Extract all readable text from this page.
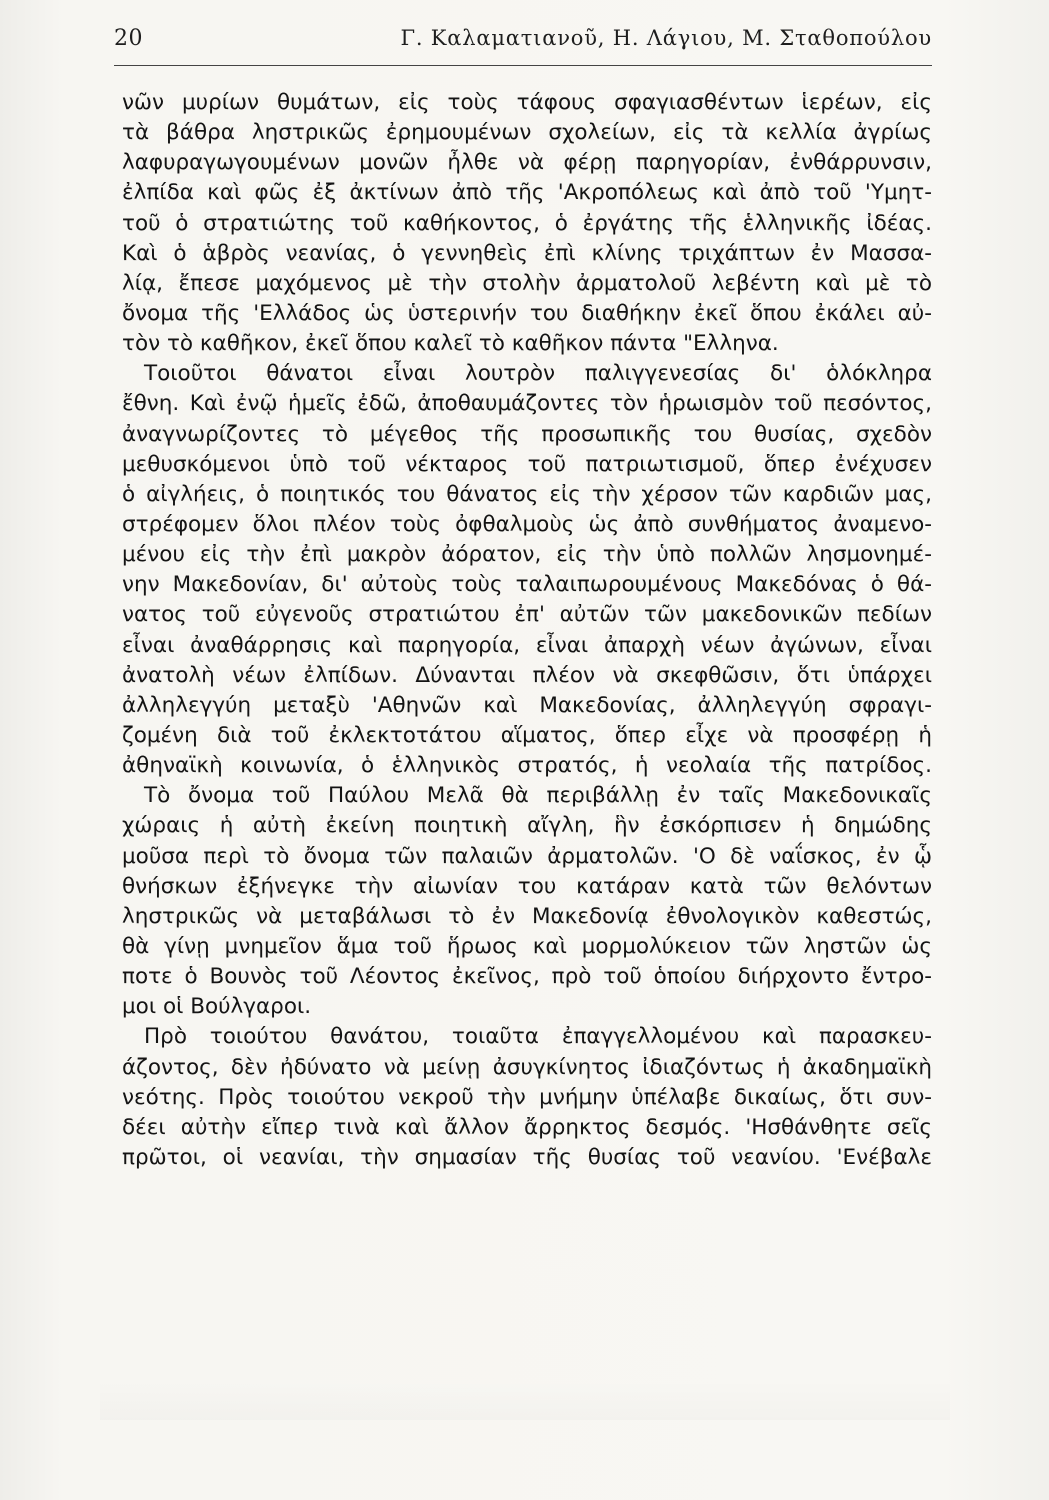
20	Γ. Καλαματιανοῦ, Η. Λάγιου, Μ. Σταθοπούλου
νῶν μυρίων θυμάτων, εἰς τοὺς τάφους σφαγιασθέντων ἱερέων, εἰς
τὰ βάθρα ληστρικῶς ἐρημουμένων σχολείων, εἰς τὰ κελλία ἀγρίως
λαφυραγωγουμένων μονῶν ἦλθε νὰ φέρῃ παρηγορίαν, ἐνθάρρυνσιν,
ἐλπίδα καὶ φῶς ἐξ ἀκτίνων ἀπὸ τῆς 'Ακροπόλεως καὶ ἀπὸ τοῦ 'Υμητ-
τοῦ ὁ στρατιώτης τοῦ καθήκοντος, ὁ ἐργάτης τῆς ἑλληνικῆς ἰδέας.
Καὶ ὁ ἁβρὸς νεανίας, ὁ γεννηθεὶς ἐπὶ κλίνης τριχάπτων ἐν Μασσα-
λίᾳ, ἔπεσε μαχόμενος μὲ τὴν στολὴν ἀρματολοῦ λεβέντη καὶ μὲ τὸ
ὄνομα τῆς 'Ελλάδος ὡς ὑστερινήν του διαθήκην ἐκεῖ ὅπου ἐκάλει αὐ-
τὸν τὸ καθῆκον, ἐκεῖ ὅπου καλεῖ τὸ καθῆκον πάντα "Ελληνα.
Τοιοῦτοι θάνατοι εἶναι λουτρὸν παλιγγενεσίας δι' ὁλόκληρα
ἔθνη. Καὶ ἐνῷ ἡμεῖς ἐδῶ, ἀποθαυμάζοντες τὸν ἡρωισμὸν τοῦ πεσόντος,
ἀναγνωρίζοντες τὸ μέγεθος τῆς προσωπικῆς του θυσίας, σχεδὸν
μεθυσκόμενοι ὑπὸ τοῦ νέκταρος τοῦ πατριωτισμοῦ, ὅπερ ἐνέχυσεν
ὁ αἰγλήεις, ὁ ποιητικός του θάνατος εἰς τὴν χέρσον τῶν καρδιῶν μας,
στρέφομεν ὅλοι πλέον τοὺς ὀφθαλμοὺς ὡς ἀπὸ συνθήματος ἀναμενο-
μένου εἰς τὴν ἐπὶ μακρὸν ἀόρατον, εἰς τὴν ὑπὸ πολλῶν λησμονημέ-
νην Μακεδονίαν, δι' αὐτοὺς τοὺς ταλαιπωρουμένους Μακεδόνας ὁ θά-
νατος τοῦ εὐγενοῦς στρατιώτου ἐπ' αὐτῶν τῶν μακεδονικῶν πεδίων
εἶναι ἀναθάρρησις καὶ παρηγορία, εἶναι ἀπαρχὴ νέων ἀγώνων, εἶναι
ἀνατολὴ νέων ἐλπίδων. Δύνανται πλέον νὰ σκεφθῶσιν, ὅτι ὑπάρχει
ἀλληλεγγύη μεταξὺ 'Αθηνῶν καὶ Μακεδονίας, ἀλληλεγγύη σφραγι-
ζομένη διὰ τοῦ ἐκλεκτοτάτου αἵματος, ὅπερ εἶχε νὰ προσφέρῃ ἡ
ἀθηναϊκὴ κοινωνία, ὁ ἑλληνικὸς στρατός, ἡ νεολαία τῆς πατρίδος.
Τὸ ὄνομα τοῦ Παύλου Μελᾶ θὰ περιβάλλῃ ἐν ταῖς Μακεδονικαῖς
χώραις ἡ αὐτὴ ἐκείνη ποιητικὴ αἴγλη, ἣν ἐσκόρπισεν ἡ δημώδης
μοῦσα περὶ τὸ ὄνομα τῶν παλαιῶν ἀρματολῶν. 'Ο δὲ ναΐσκος, ἐν ᾧ
θνήσκων ἐξήνεγκε τὴν αἰωνίαν του κατάραν κατὰ τῶν θελόντων
ληστρικῶς νὰ μεταβάλωσι τὸ ἐν Μακεδονίᾳ ἐθνολογικὸν καθεστώς,
θὰ γίνῃ μνημεῖον ἅμα τοῦ ἥρωος καὶ μορμολύκειον τῶν ληστῶν ὡς
ποτε ὁ Βουνὸς τοῦ Λέοντος ἐκεῖνος, πρὸ τοῦ ὁποίου διήρχοντο ἔντρο-
μοι οἱ Βούλγαροι.
Πρὸ τοιούτου θανάτου, τοιαῦτα ἐπαγγελλομένου καὶ παρασκευ-
άζοντος, δὲν ἠδύνατο νὰ μείνῃ ἀσυγκίνητος ἰδιαζόντως ἡ ἀκαδημαϊκὴ
νεότης. Πρὸς τοιούτου νεκροῦ τὴν μνήμην ὑπέλαβε δικαίως, ὅτι συν-
δέει αὐτὴν εἴπερ τινὰ καὶ ἄλλον ἄρρηκτος δεσμός. 'Ησθάνθητε σεῖς
πρῶτοι, οἱ νεανίαι, τὴν σημασίαν τῆς θυσίας τοῦ νεανίου. 'Ενέβαλε
